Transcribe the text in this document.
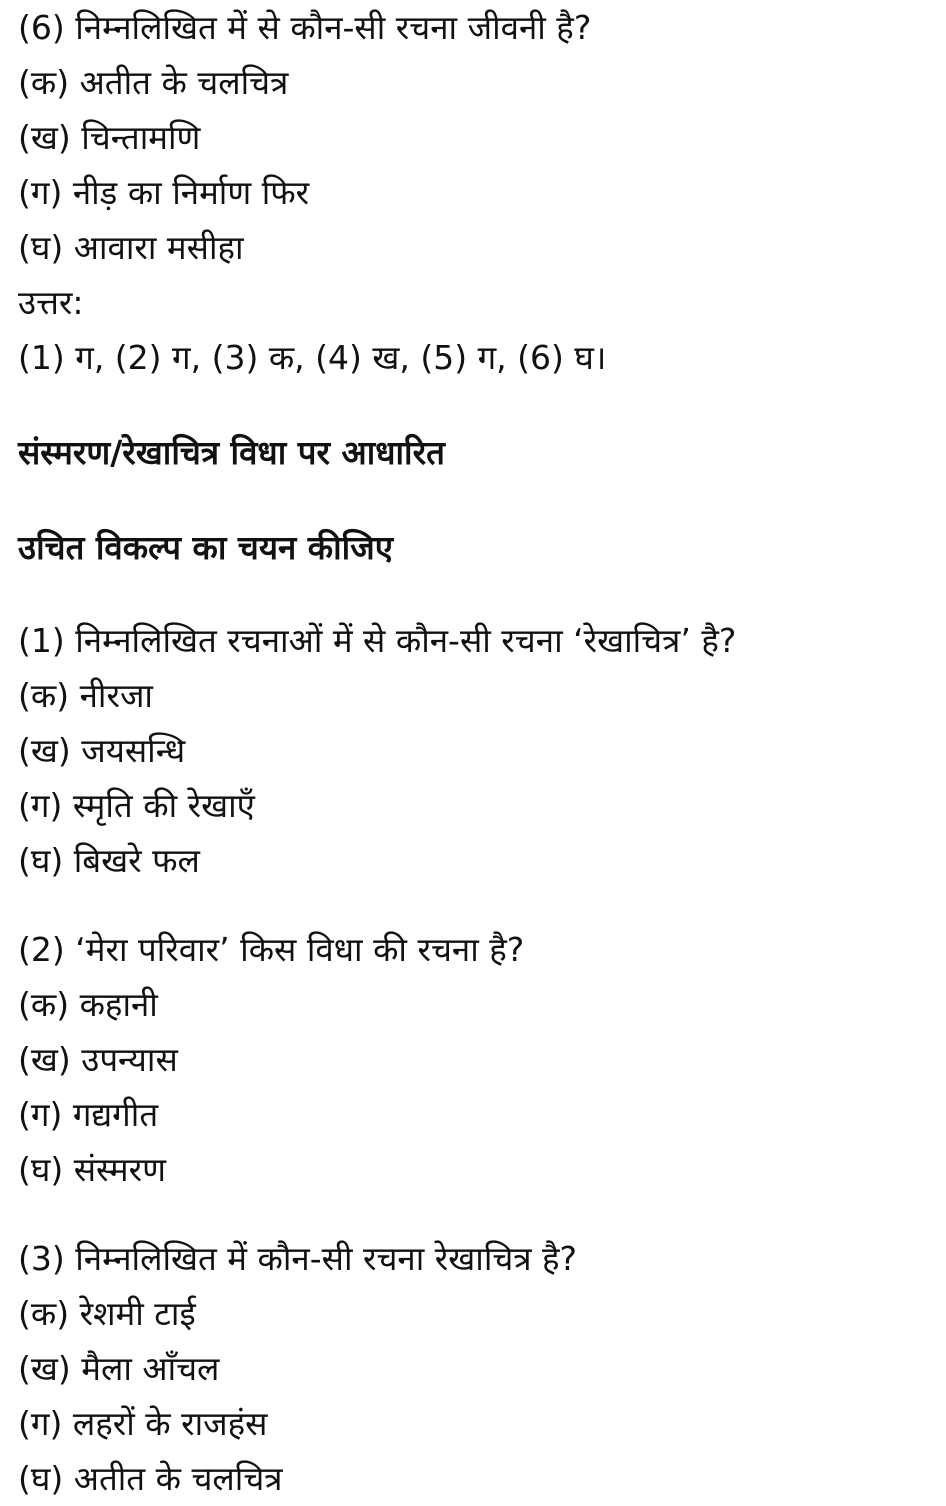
(6) निम्नलिखित में से कौन-सी रचना जीवनी है?

(क) अतीत के चलचित्र

(ख) चिन्तामणि

(ग) नीड़ का निर्माण फिर

(घ) आवारा मसीहा

उत्तर:

(1) ग, (2) ग, (3) क, (4) ख, (5) ग, (6) घ।

संस्मरण/रेखाचित्र विधा पर आधारित

उचित विकल्प का चयन कीजिए

(1) निम्नलिखित रचनाओं में से कौन-सी रचना ‘रेखाचित्र’ है?

(क) नीरजा

(ख) जयसन्धि

(ग) स्मृति की रेखाएँ

(घ) बिखरे फल

(2) ‘मेरा परिवार’ किस विधा की रचना है?

(क) कहानी

(ख) उपन्यास

(ग) गद्यगीत

(घ) संस्मरण

(3) निम्नलिखित में कौन-सी रचना रेखाचित्र है?

(क) रेशमी टाई

(ख) मैला आँचल

(ग) लहरों के राजहंस

(घ) अतीत के चलचित्र
